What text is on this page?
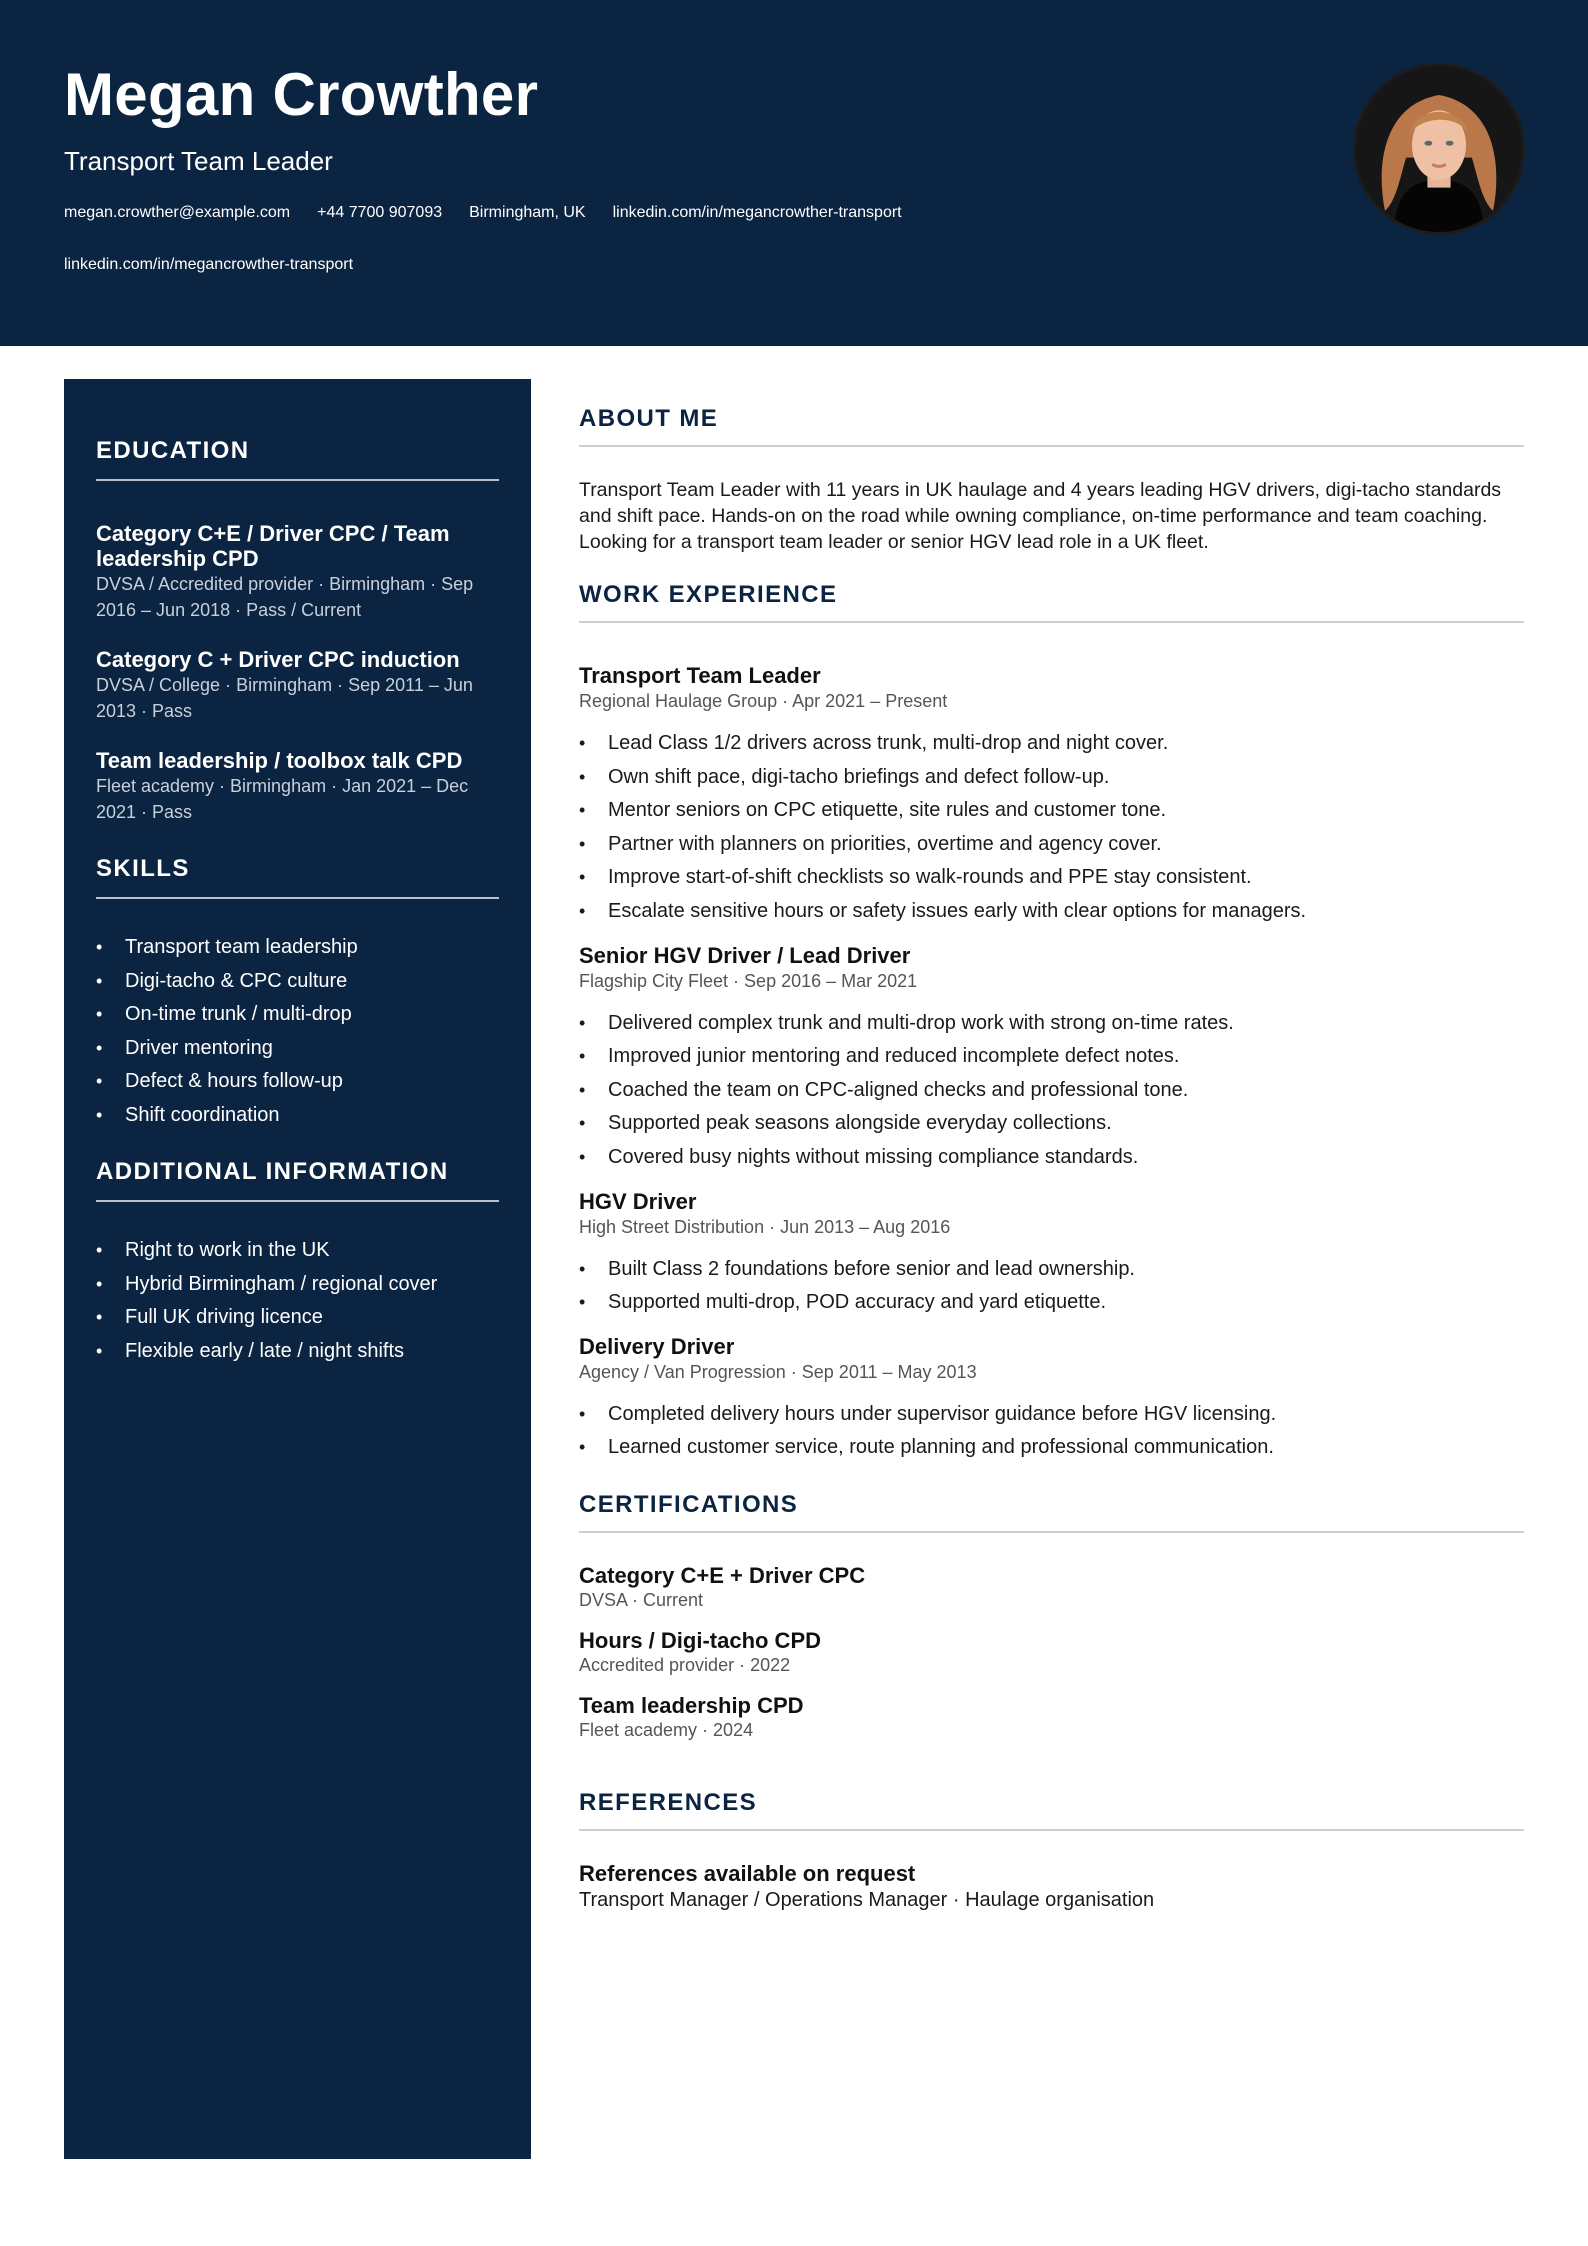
Megan Crowther
Transport Team Leader
megan.crowther@example.com +44 7700 907093 Birmingham, UK linkedin.com/in/megancrowther-transport
linkedin.com/in/megancrowther-transport
EDUCATION
Category C+E / Driver CPC / Team leadership CPD
DVSA / Accredited provider · Birmingham · Sep 2016 – Jun 2018 · Pass / Current
Category C + Driver CPC induction
DVSA / College · Birmingham · Sep 2011 – Jun 2013 · Pass
Team leadership / toolbox talk CPD
Fleet academy · Birmingham · Jan 2021 – Dec 2021 · Pass
SKILLS
• Transport team leadership
• Digi-tacho & CPC culture
• On-time trunk / multi-drop
• Driver mentoring
• Defect & hours follow-up
• Shift coordination
ADDITIONAL INFORMATION
• Right to work in the UK
• Hybrid Birmingham / regional cover
• Full UK driving licence
• Flexible early / late / night shifts
ABOUT ME

Transport Team Leader with 11 years in UK haulage and 4 years leading HGV drivers, digi-tacho standards and shift pace. Hands-on on the road while owning compliance, on-time performance and team coaching. Looking for a transport team leader or senior HGV lead role in a UK fleet.

WORK EXPERIENCE
Transport Team Leader
Regional Haulage Group · Apr 2021 – Present
• Lead Class 1/2 drivers across trunk, multi-drop and night cover.
• Own shift pace, digi-tacho briefings and defect follow-up.
• Mentor seniors on CPC etiquette, site rules and customer tone.
• Partner with planners on priorities, overtime and agency cover.
• Improve start-of-shift checklists so walk-rounds and PPE stay consistent.
• Escalate sensitive hours or safety issues early with clear options for managers.
Senior HGV Driver / Lead Driver
Flagship City Fleet · Sep 2016 – Mar 2021
• Delivered complex trunk and multi-drop work with strong on-time rates.
• Improved junior mentoring and reduced incomplete defect notes.
• Coached the team on CPC-aligned checks and professional tone.
• Supported peak seasons alongside everyday collections.
• Covered busy nights without missing compliance standards.
HGV Driver
High Street Distribution · Jun 2013 – Aug 2016
• Built Class 2 foundations before senior and lead ownership.
• Supported multi-drop, POD accuracy and yard etiquette.
Delivery Driver
Agency / Van Progression · Sep 2011 – May 2013
• Completed delivery hours under supervisor guidance before HGV licensing.
• Learned customer service, route planning and professional communication.
CERTIFICATIONS
Category C+E + Driver CPC
DVSA · Current
Hours / Digi-tacho CPD
Accredited provider · 2022
Team leadership CPD
Fleet academy · 2024
REFERENCES
References available on request
Transport Manager / Operations Manager · Haulage organisation
